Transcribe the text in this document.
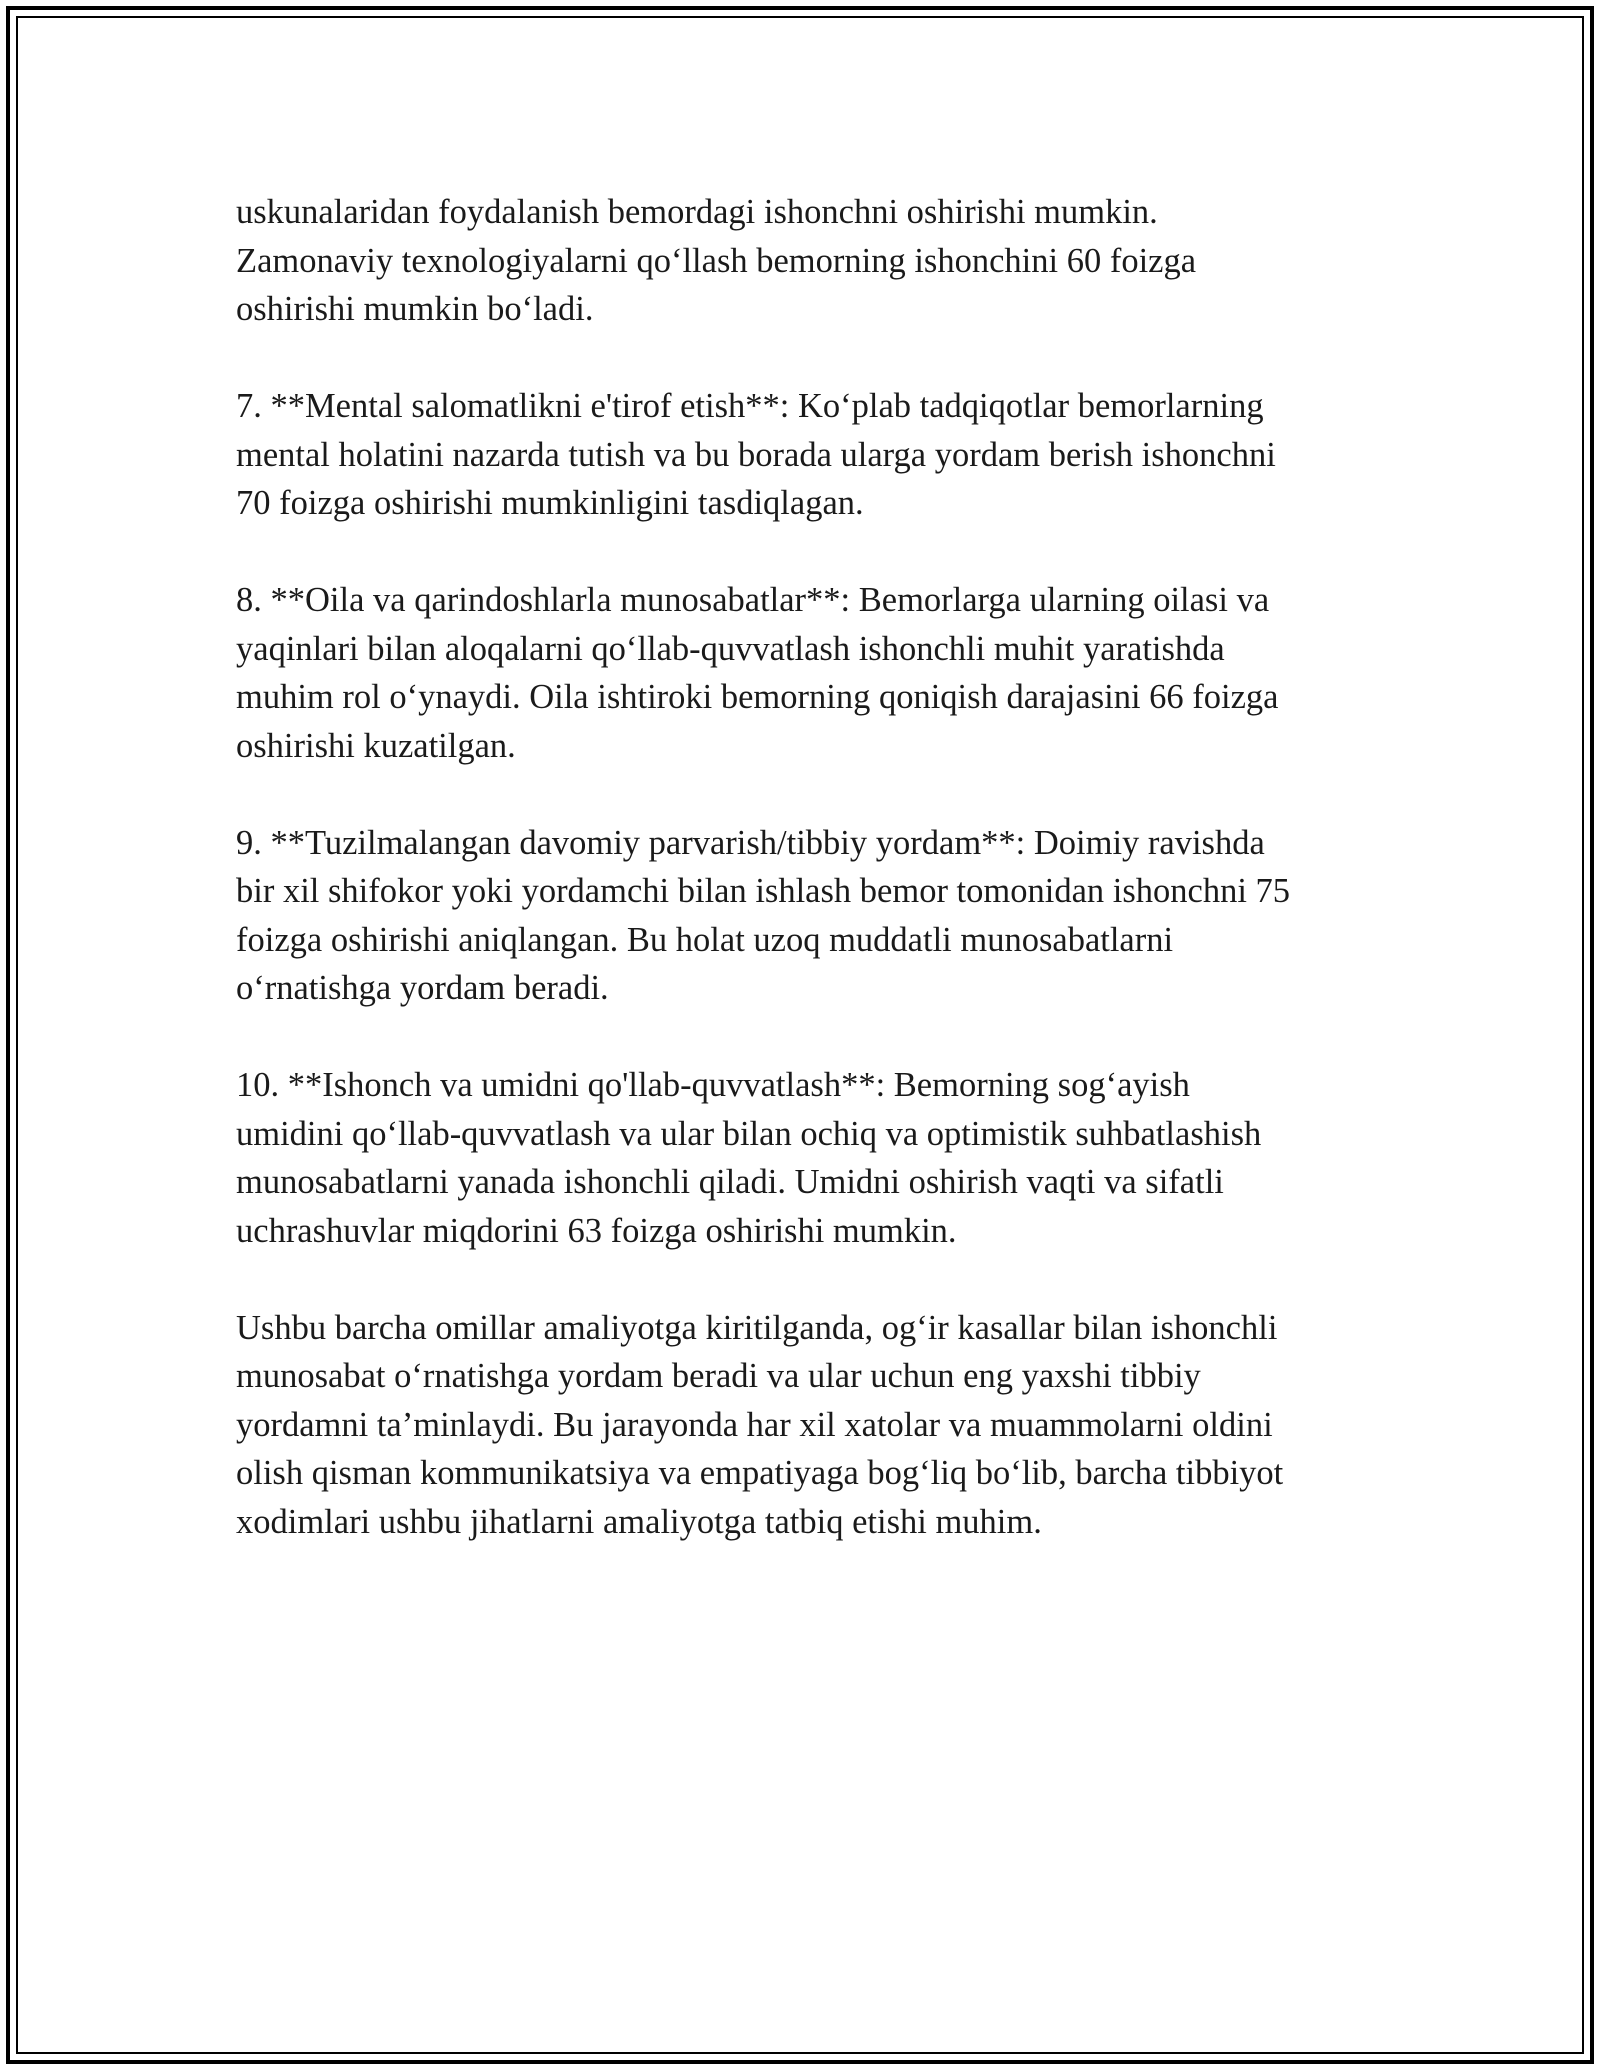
uskunalaridan foydalanish bemordagi ishonchni oshirishi mumkin.
Zamonaviy texnologiyalarni qo‘llash bemorning ishonchini 60 foizga
oshirishi mumkin bo‘ladi.

7. **Mental salomatlikni e'tirof etish**: Ko‘plab tadqiqotlar bemorlarning
mental holatini nazarda tutish va bu borada ularga yordam berish ishonchni
70 foizga oshirishi mumkinligini tasdiqlagan.

8. **Oila va qarindoshlarla munosabatlar**: Bemorlarga ularning oilasi va
yaqinlari bilan aloqalarni qo‘llab-quvvatlash ishonchli muhit yaratishda
muhim rol o‘ynaydi. Oila ishtiroki bemorning qoniqish darajasini 66 foizga
oshirishi kuzatilgan.

9. **Tuzilmalangan davomiy parvarish/tibbiy yordam**: Doimiy ravishda
bir xil shifokor yoki yordamchi bilan ishlash bemor tomonidan ishonchni 75
foizga oshirishi aniqlangan. Bu holat uzoq muddatli munosabatlarni
o‘rnatishga yordam beradi.

10. **Ishonch va umidni qo'llab-quvvatlash**: Bemorning sog‘ayish
umidini qo‘llab-quvvatlash va ular bilan ochiq va optimistik suhbatlashish
munosabatlarni yanada ishonchli qiladi. Umidni oshirish vaqti va sifatli
uchrashuvlar miqdorini 63 foizga oshirishi mumkin.

Ushbu barcha omillar amaliyotga kiritilganda, og‘ir kasallar bilan ishonchli
munosabat o‘rnatishga yordam beradi va ular uchun eng yaxshi tibbiy
yordamni ta’minlaydi. Bu jarayonda har xil xatolar va muammolarni oldini
olish qisman kommunikatsiya va empatiyaga bog‘liq bo‘lib, barcha tibbiyot
xodimlari ushbu jihatlarni amaliyotga tatbiq etishi muhim.
